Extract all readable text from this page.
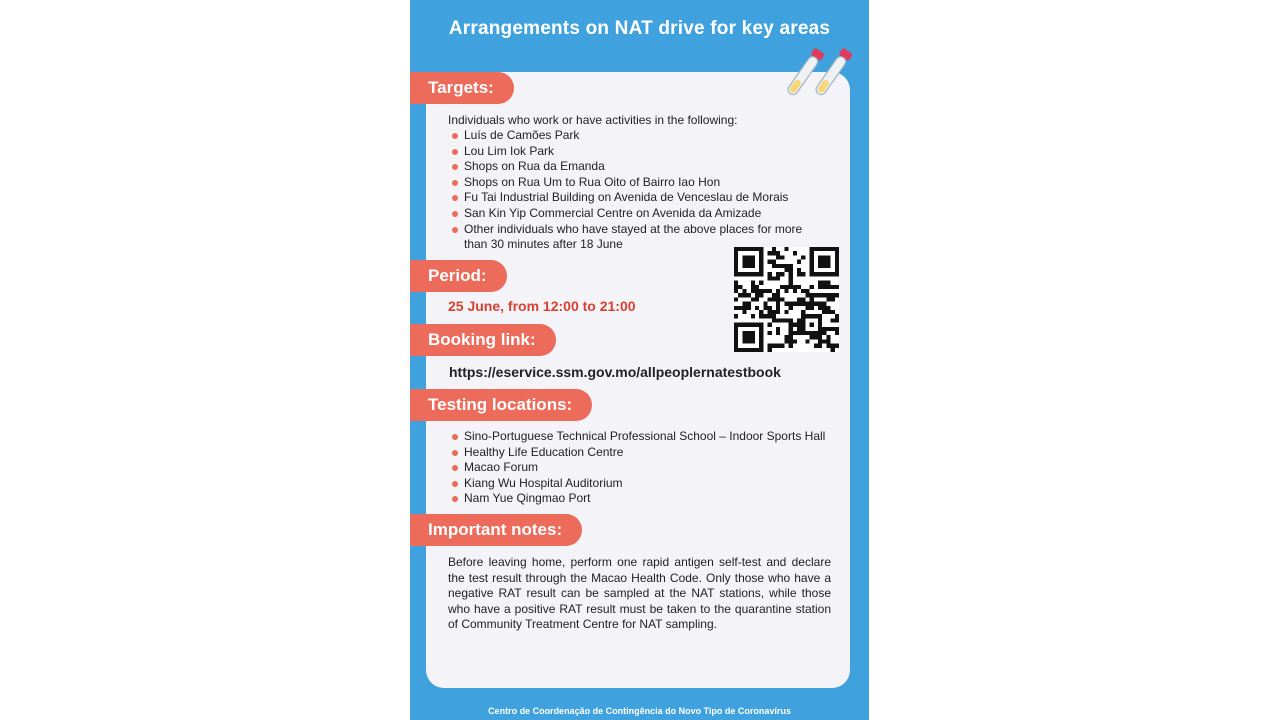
Arrangements on NAT drive for key areas
Targets:
Individuals who work or have activities in the following:
Luís de Camões Park
Lou Lim Iok Park
Shops on Rua da Emanda
Shops on Rua Um to Rua Oito of Bairro Iao Hon
Fu Tai Industrial Building on Avenida de Venceslau de Morais
San Kin Yip Commercial Centre on Avenida da Amizade
Other individuals who have stayed at the above places for more
than 30 minutes after 18 June
Period:
25 June, from 12:00 to 21:00
Booking link:
https://eservice.ssm.gov.mo/allpeoplernatestbook
Testing locations:
Sino-Portuguese Technical Professional School – Indoor Sports Hall
Healthy Life Education Centre
Macao Forum
Kiang Wu Hospital Auditorium
Nam Yue Qingmao Port
Important notes:
Before leaving home, perform one rapid antigen self-test and declare the test result through the Macao Health Code. Only those who have a negative RAT result can be sampled at the NAT stations, while those who have a positive RAT result must be taken to the quarantine station of Community Treatment Centre for NAT sampling.
Centro de Coordenação de Contingência do Novo Tipo de Coronavírus
